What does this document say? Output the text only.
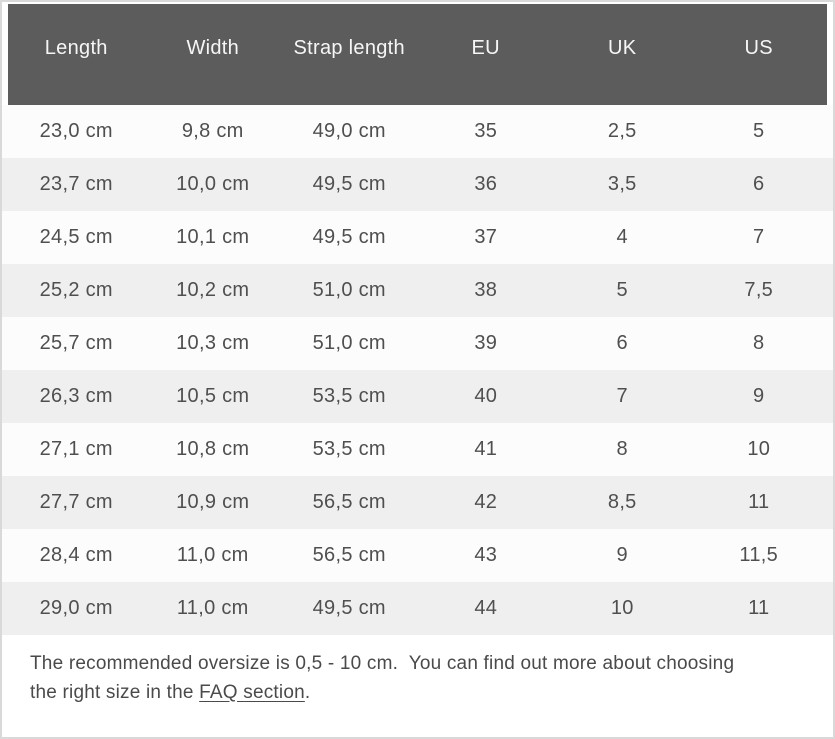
Length	Width	Strap length	EU	UK	US
23,0 cm	9,8 cm	49,0 cm	35	2,5	5
23,7 cm	10,0 cm	49,5 cm	36	3,5	6
24,5 cm	10,1 cm	49,5 cm	37	4	7
25,2 cm	10,2 cm	51,0 cm	38	5	7,5
25,7 cm	10,3 cm	51,0 cm	39	6	8
26,3 cm	10,5 cm	53,5 cm	40	7	9
27,1 cm	10,8 cm	53,5 cm	41	8	10
27,7 cm	10,9 cm	56,5 cm	42	8,5	11
28,4 cm	11,0 cm	56,5 cm	43	9	11,5
29,0 cm	11,0 cm	49,5 cm	44	10	11
The recommended oversize is 0,5 - 10 cm.  You can find out more about choosing
the right size in the FAQ section.
